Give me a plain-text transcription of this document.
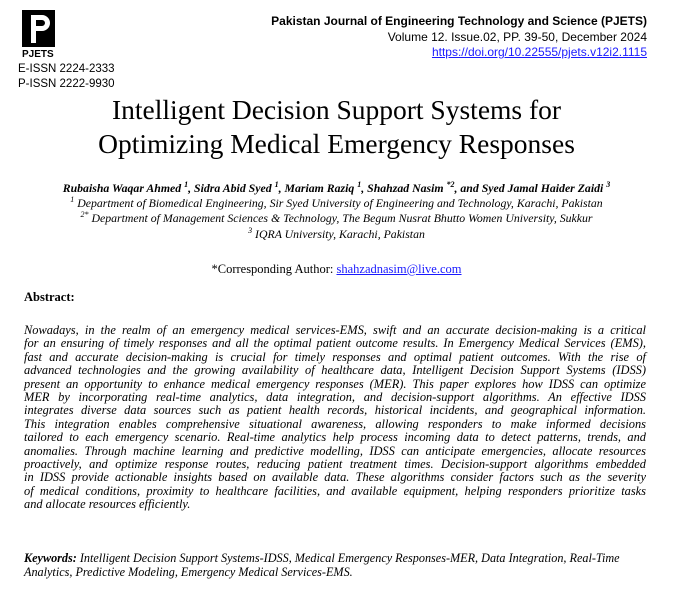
PJETS
E-ISSN 2224-2333
P-ISSN 2222-9930
Pakistan Journal of Engineering Technology and Science (PJETS)
Volume 12. Issue.02, PP. 39-50, December 2024
https://doi.org/10.22555/pjets.v12i2.1115
Intelligent Decision Support Systems for
Optimizing Medical Emergency Responses
Rubaisha Waqar Ahmed $^1$, Sidra Abid Syed $^1$, Mariam Raziq $^1$, Shahzad Nasim $^{*2}$, and Syed Jamal Haider Zaidi $^3$
$^1$ Department of Biomedical Engineering, Sir Syed University of Engineering and Technology, Karachi, Pakistan
$^{2*}$ Department of Management Sciences & Technology, The Begum Nusrat Bhutto Women University, Sukkur
$^3$ IQRA University, Karachi, Pakistan
*Corresponding Author: shahzadnasim@live.com
Abstract:
Nowadays, in the realm of an emergency medical services-EMS, swift and an accurate decision-making is a critical
for an ensuring of timely responses and all the optimal patient outcome results. In Emergency Medical Services (EMS),
fast and accurate decision-making is crucial for timely responses and optimal patient outcomes. With the rise of
advanced technologies and the growing availability of healthcare data, Intelligent Decision Support Systems (IDSS)
present an opportunity to enhance medical emergency responses (MER). This paper explores how IDSS can optimize
MER by incorporating real-time analytics, data integration, and decision-support algorithms. An effective IDSS
integrates diverse data sources such as patient health records, historical incidents, and geographical information.
This integration enables comprehensive situational awareness, allowing responders to make informed decisions
tailored to each emergency scenario. Real-time analytics help process incoming data to detect patterns, trends, and
anomalies. Through machine learning and predictive modelling, IDSS can anticipate emergencies, allocate resources
proactively, and optimize response routes, reducing patient treatment times. Decision-support algorithms embedded
in IDSS provide actionable insights based on available data. These algorithms consider factors such as the severity
of medical conditions, proximity to healthcare facilities, and available equipment, helping responders prioritize tasks
and allocate resources efficiently.
Keywords: Intelligent Decision Support Systems-IDSS, Medical Emergency Responses-MER, Data Integration, Real-Time Analytics, Predictive Modeling, Emergency Medical Services-EMS.
